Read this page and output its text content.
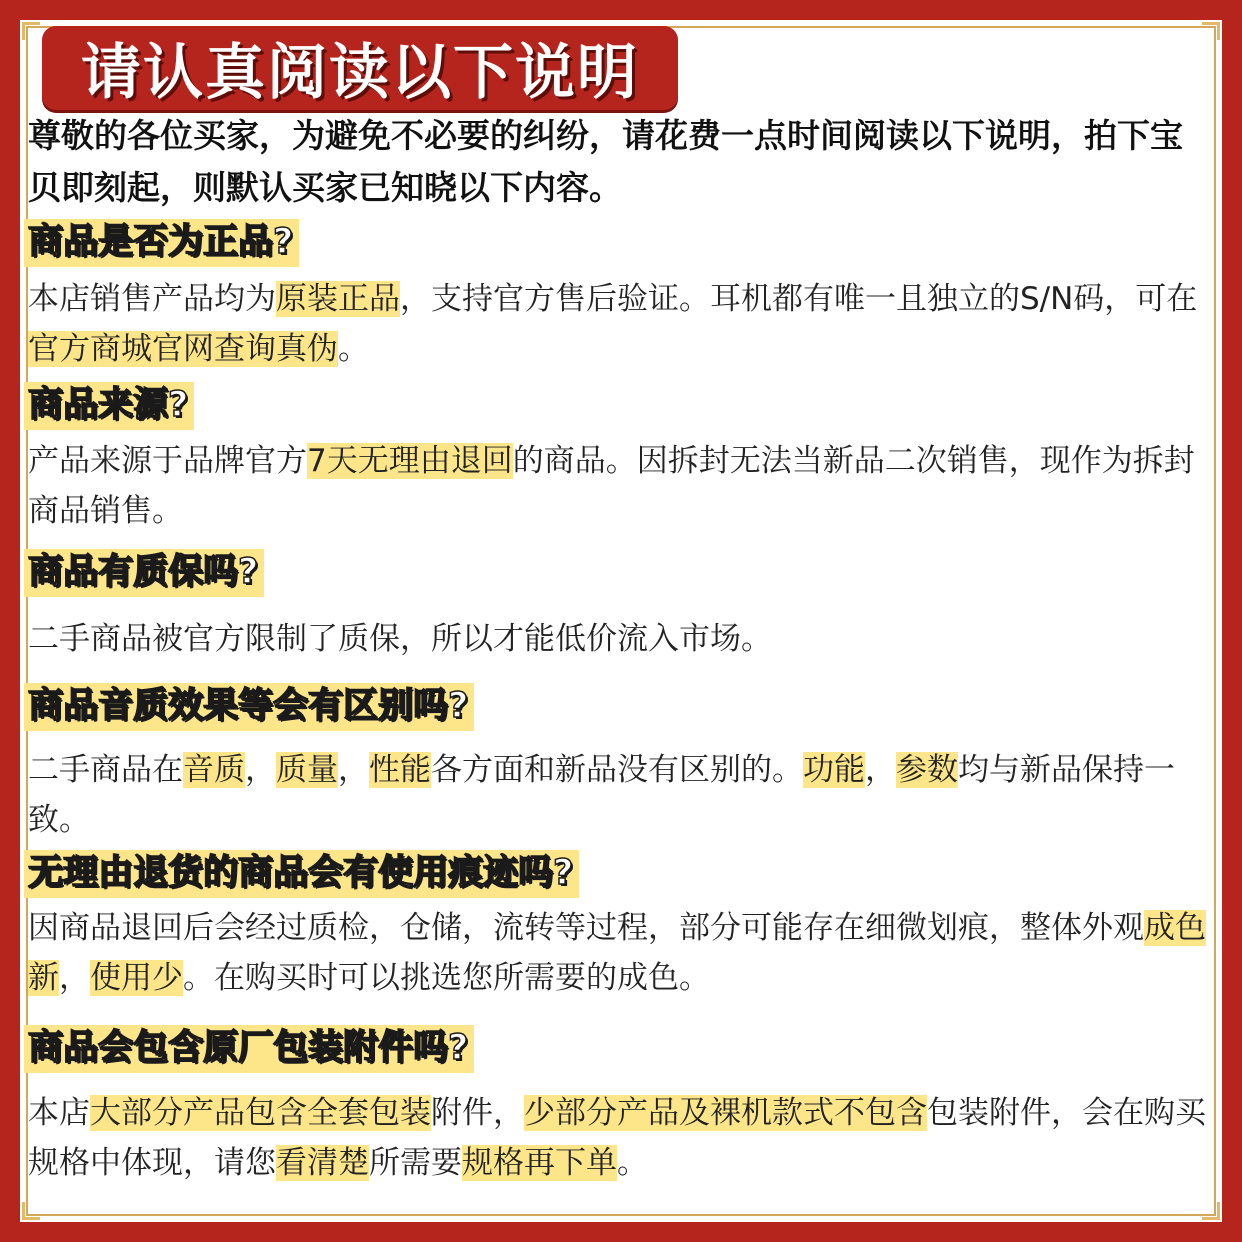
请认真阅读以下说明
尊敬的各位买家，为避免不必要的纠纷，请花费一点时间阅读以下说明，拍下宝贝即刻起，则默认买家已知晓以下内容。
商品是否为正品?
本店销售产品均为原装正品，支持官方售后验证。耳机都有唯一且独立的S/N码，可在官方商城官网查询真伪。
商品来源?
产品来源于品牌官方7天无理由退回的商品。因拆封无法当新品二次销售，现作为拆封商品销售。
商品有质保吗?
二手商品被官方限制了质保，所以才能低价流入市场。
商品音质效果等会有区别吗?
二手商品在音质，质量，性能各方面和新品没有区别的。功能，参数均与新品保持一致。
无理由退货的商品会有使用痕迹吗?
因商品退回后会经过质检，仓储，流转等过程，部分可能存在细微划痕，整体外观成色新，使用少。在购买时可以挑选您所需要的成色。
商品会包含原厂包装附件吗?
本店大部分产品包含全套包装附件，少部分产品及裸机款式不包含包装附件，会在购买规格中体现，请您看清楚所需要规格再下单。
